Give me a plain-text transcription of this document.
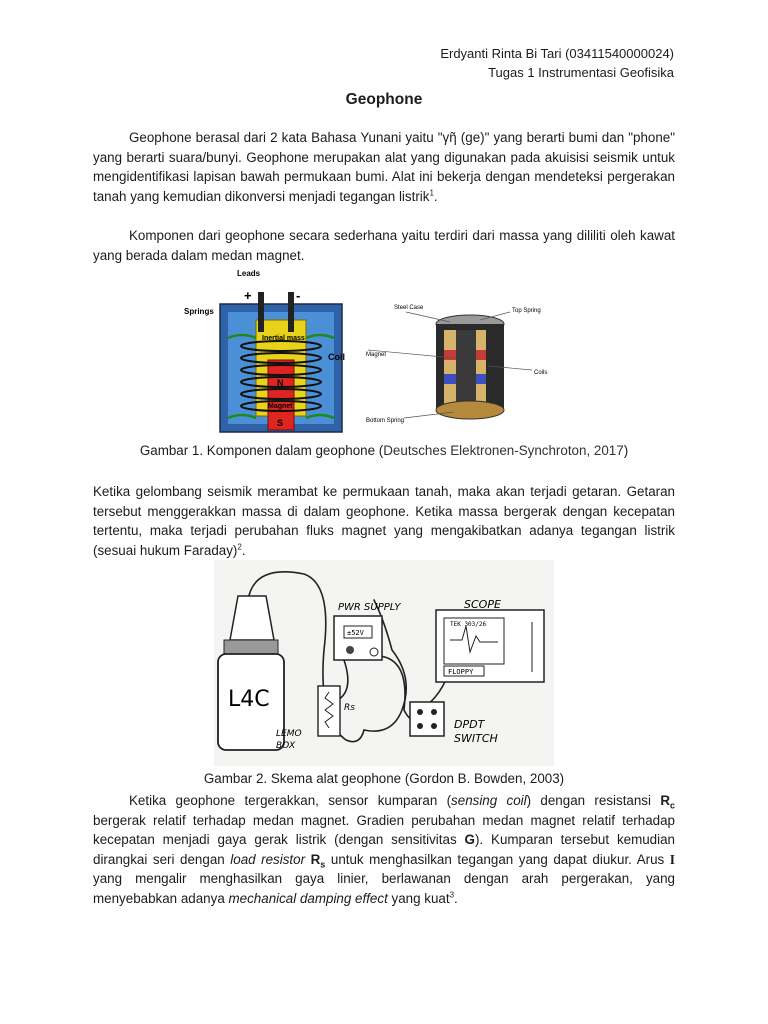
Erdyanti Rinta Bi Tari (03411540000024)
Tugas 1 Instrumentasi Geofisika
Geophone

Geophone berasal dari 2 kata Bahasa Yunani yaitu "γῆ (ge)" yang berarti bumi dan "phone" yang berarti suara/bunyi. Geophone merupakan alat yang digunakan pada akuisisi seismik untuk mengidentifikasi lapisan bawah permukaan bumi. Alat ini bekerja dengan mendeteksi pergerakan tanah yang kemudian dikonversi menjadi tegangan listrik$^1$.

Komponen dari geophone secara sederhana yaitu terdiri dari massa yang dililiti oleh kawat yang berada dalam medan magnet.

Leads
+	-
Springs
Inertial mass
Coil
N
Magnet
S
Steel Case	Top Spring
Magnet
Coils
Bottom Spring
Gambar 1. Komponen dalam geophone (Deutsches Elektronen-Synchroton, 2017)

Ketika gelombang seismik merambat ke permukaan tanah, maka akan terjadi getaran. Getaran tersebut menggerakkan massa di dalam geophone. Ketika massa bergerak dengan kecepatan tertentu, maka terjadi perubahan fluks magnet yang mengakibatkan adanya tegangan listrik (sesuai hukum Faraday)$^2$.

L4C
PWR SUPPLY
±52V
SCOPE
TEK 303/26
FLOPPY
Rs
LEMO
BOX
DPDT
SWITCH
Gambar 2. Skema alat geophone (Gordon B. Bowden, 2003)

Ketika geophone tergerakkan, sensor kumparan (sensing coil) dengan resistansi $R_c$ bergerak relatif terhadap medan magnet. Gradien perubahan medan magnet relatif terhadap kecepatan menjadi gaya gerak listrik (dengan sensitivitas G). Kumparan tersebut kemudian dirangkai seri dengan load resistor $R_s$ untuk menghasilkan tegangan yang dapat diukur. Arus I yang mengalir menghasilkan gaya linier, berlawanan dengan arah pergerakan, yang menyebabkan adanya mechanical damping effect yang kuat$^3$.
